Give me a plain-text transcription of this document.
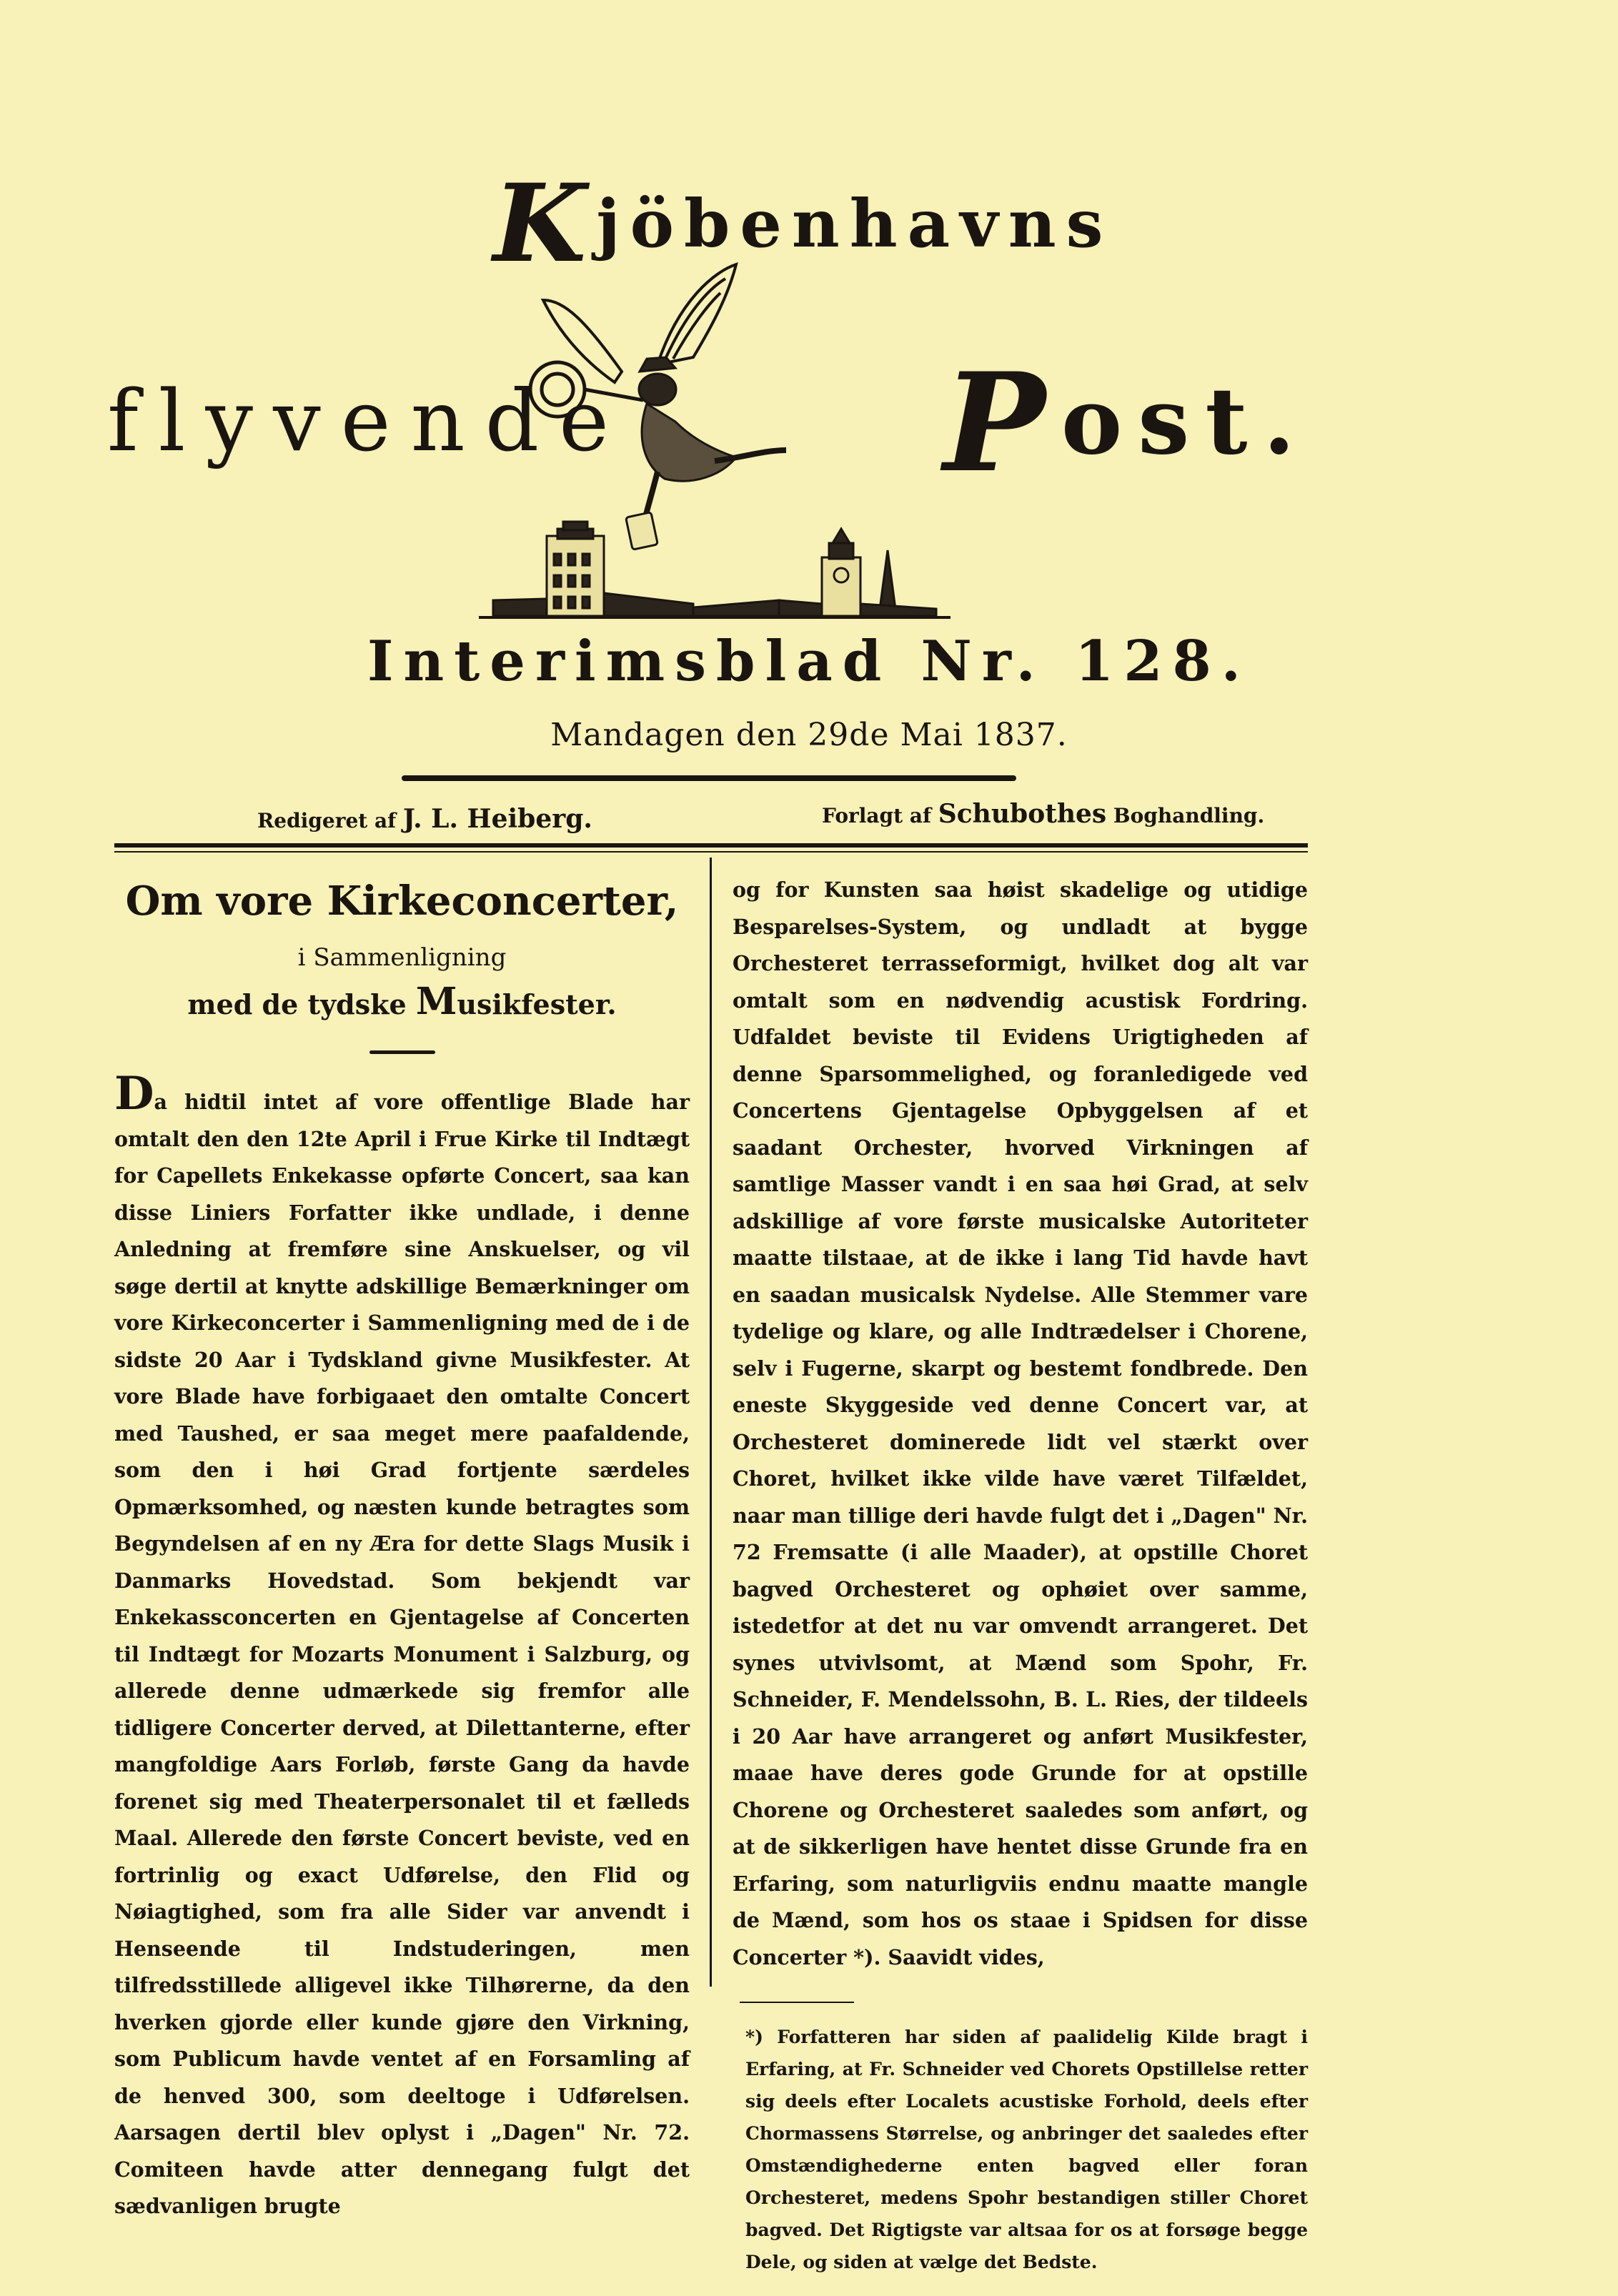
Kjöbenhavns
flyvende Post.
Interimsblad Nr. 128.
Mandagen den 29de Mai 1837.
Redigeret af J. L. Heiberg.	Forlagt af Schubothes Boghandling.
Om vore Kirkeconcerter,
i Sammenligning
med de tydske Musikfester.

Da hidtil intet af vore offentlige Blade har omtalt den den 12te April i Frue Kirke til Indtægt for Capellets Enkekasse opførte Concert, saa kan disse Liniers Forfatter ikke undlade, i denne Anledning at fremføre sine Anskuelser, og vil søge dertil at knytte adskillige Bemærkninger om vore Kirkeconcerter i Sammenligning med de i de sidste 20 Aar i Tydskland givne Musikfester. At vore Blade have forbigaaet den omtalte Concert med Taushed, er saa meget mere paafaldende, som den i høi Grad fortjente særdeles Opmærksomhed, og næsten kunde betragtes som Begyndelsen af en ny Æra for dette Slags Musik i Danmarks Hovedstad. Som bekjendt var Enkekassconcerten en Gjentagelse af Concerten til Indtægt for Mozarts Monument i Salzburg, og allerede denne udmærkede sig fremfor alle tidligere Concerter derved, at Dilettanterne, efter mangfoldige Aars Forløb, første Gang da havde forenet sig med Theaterpersonalet til et fælleds Maal. Allerede den første Concert beviste, ved en fortrinlig og exact Udførelse, den Flid og Nøiagtighed, som fra alle Sider var anvendt i Henseende til Indstuderingen, men tilfredsstillede alligevel ikke Tilhørerne, da den hverken gjorde eller kunde gjøre den Virkning, som Publicum havde ventet af en Forsamling af de henved 300, som deeltoge i Udførelsen. Aarsagen dertil blev oplyst i „Dagen" Nr. 72. Comiteen havde atter dennegang fulgt det sædvanligen brugte

og for Kunsten saa høist skadelige og utidige Besparelses-System, og undladt at bygge Orchesteret terrasseformigt, hvilket dog alt var omtalt som en nødvendig acustisk Fordring. Udfaldet beviste til Evidens Urigtigheden af denne Sparsommelighed, og foranledigede ved Concertens Gjentagelse Opbyggelsen af et saadant Orchester, hvorved Virkningen af samtlige Masser vandt i en saa høi Grad, at selv adskillige af vore første musicalske Autoriteter maatte tilstaae, at de ikke i lang Tid havde havt en saadan musicalsk Nydelse. Alle Stemmer vare tydelige og klare, og alle Indtrædelser i Chorene, selv i Fugerne, skarpt og bestemt fondbrede. Den eneste Skyggeside ved denne Concert var, at Orchesteret dominerede lidt vel stærkt over Choret, hvilket ikke vilde have været Tilfældet, naar man tillige deri havde fulgt det i „Dagen" Nr. 72 Fremsatte (i alle Maader), at opstille Choret bagved Orchesteret og ophøiet over samme, istedetfor at det nu var omvendt arrangeret. Det synes utvivlsomt, at Mænd som Spohr, Fr. Schneider, F. Mendelssohn, B. L. Ries, der tildeels i 20 Aar have arrangeret og anført Musikfester, maae have deres gode Grunde for at opstille Chorene og Orchesteret saaledes som anført, og at de sikkerligen have hentet disse Grunde fra en Erfaring, som naturligviis endnu maatte mangle de Mænd, som hos os staae i Spidsen for disse Concerter *). Saavidt vides,

*) Forfatteren har siden af paalidelig Kilde bragt i Erfaring, at Fr. Schneider ved Chorets Opstillelse retter sig deels efter Localets acustiske Forhold, deels efter Chormassens Størrelse, og anbringer det saaledes efter Omstændighederne enten bagved eller foran Orchesteret, medens Spohr bestandigen stiller Choret bagved. Det Rigtigste var altsaa for os at forsøge begge Dele, og siden at vælge det Bedste.
